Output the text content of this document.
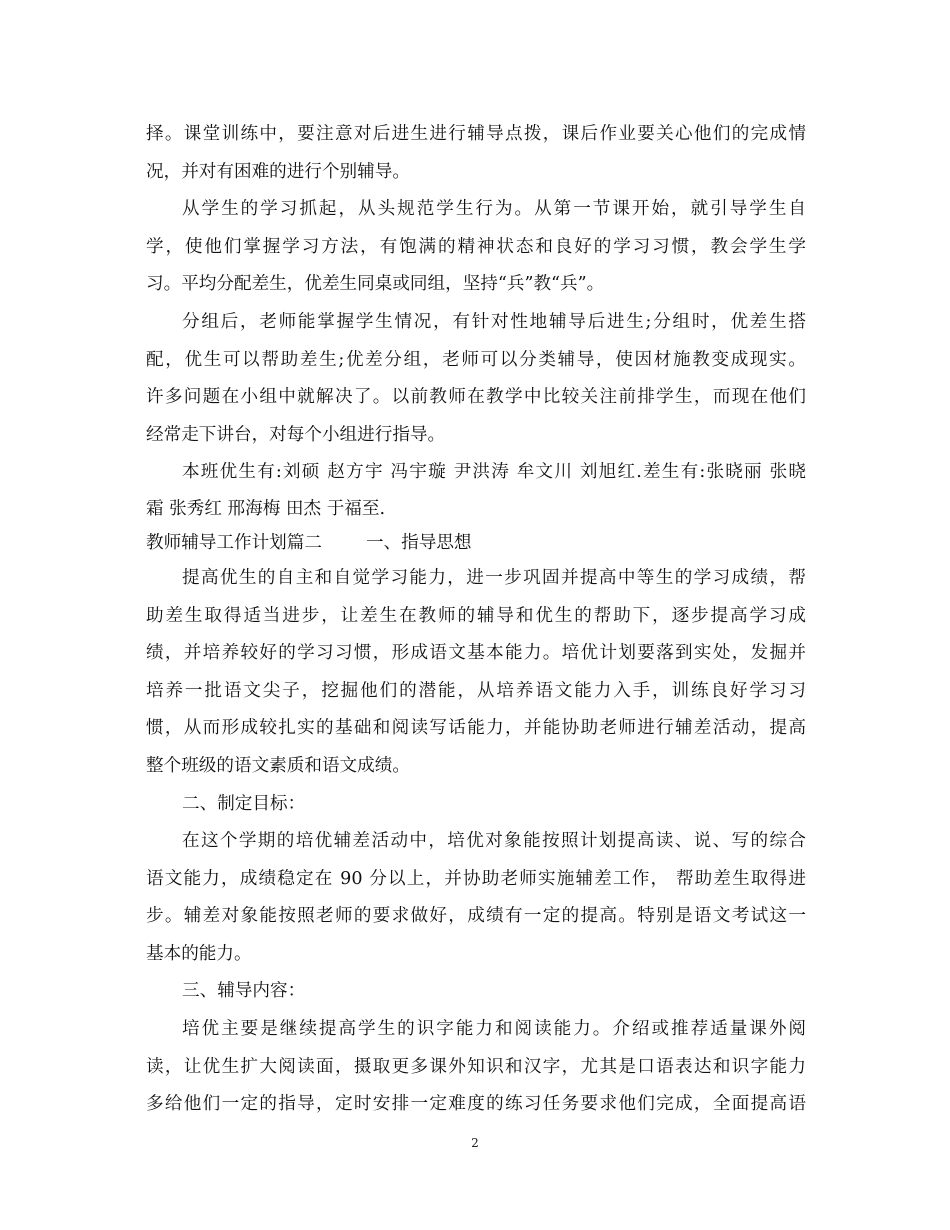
择。课堂训练中，要注意对后进生进行辅导点拨，课后作业要关心他们的完成情
况，并对有困难的进行个别辅导。
从学生的学习抓起，从头规范学生行为。从第一节课开始，就引导学生自
学，使他们掌握学习方法，有饱满的精神状态和良好的学习习惯，教会学生学
习。平均分配差生，优差生同桌或同组，坚持“兵”教“兵”。
分组后，老师能掌握学生情况，有针对性地辅导后进生;分组时，优差生搭
配，优生可以帮助差生;优差分组，老师可以分类辅导，使因材施教变成现实。
许多问题在小组中就解决了。以前教师在教学中比较关注前排学生，而现在他们
经常走下讲台，对每个小组进行指导。
本班优生有:刘硕 赵方宇 冯宇璇 尹洪涛 牟文川 刘旭红.差生有:张晓丽 张晓
霜 张秀红 邢海梅 田杰 于福至.
教师辅导工作计划篇二	一、指导思想
提高优生的自主和自觉学习能力，进一步巩固并提高中等生的学习成绩，帮
助差生取得适当进步，让差生在教师的辅导和优生的帮助下，逐步提高学习成
绩，并培养较好的学习习惯，形成语文基本能力。培优计划要落到实处，发掘并
培养一批语文尖子，挖掘他们的潜能，从培养语文能力入手，训练良好学习习
惯，从而形成较扎实的基础和阅读写话能力，并能协助老师进行辅差活动，提高
整个班级的语文素质和语文成绩。
二、制定目标：
在这个学期的培优辅差活动中，培优对象能按照计划提高读、说、写的综合
语文能力，成绩稳定在 90 分以上，并协助老师实施辅差工作， 帮助差生取得进
步。辅差对象能按照老师的要求做好，成绩有一定的提高。特别是语文考试这一
基本的能力。
三、辅导内容：
培优主要是继续提高学生的识字能力和阅读能力。介绍或推荐适量课外阅
读，让优生扩大阅读面，摄取更多课外知识和汉字，尤其是口语表达和识字能力
多给他们一定的指导，定时安排一定难度的练习任务要求他们完成，全面提高语
2
